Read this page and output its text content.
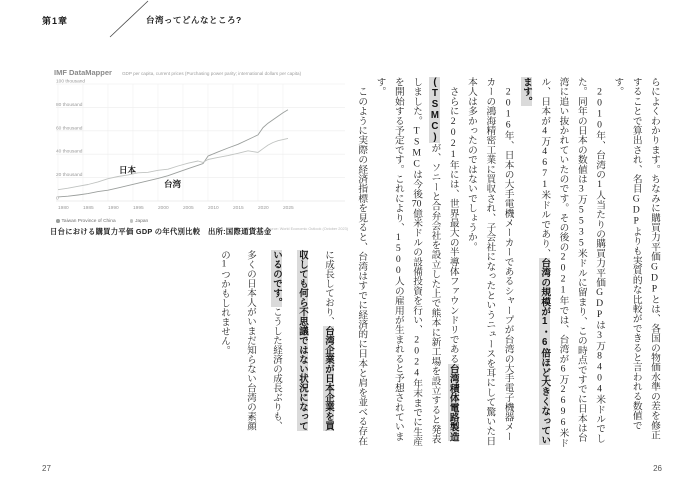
第1章	台湾ってどんなところ?
IMF DataMapper GDP per capita, current prices (Purchasing power parity; international dollars per capita)
1980	1985	1990	1995	2000	2005	2010	2015	2020	2025
0
20 thousand
40 thousand
60 thousand
80 thousand
100 thousand
日本
台湾
Taiwan Province of China	Japan
IMF, 2023, Source: World Economic Outlook (October 2023)
日台における購買力平価 GDP の年代別比較　出所:国際通貨基金

に成長しており、台湾企業が日本企業を買収しても何ら不思議ではない状況になっているのです。こうした経済の成長ぶりも、多くの日本人がいまだ知らない台湾の素顔の1つかもしれません。

27

らによくわかります。ちなみに購買力平価GDPとは、各国の物価水準の差を修正することで算出され、名目GDPよりも実質的な比較ができると言われる数値です。

　2010年、台湾の1人当たりの購買力平価GDPは3万8404米ドルでした。同年の日本の数値は3万5535米ドルに留まり、この時点ですでに日本は台湾に追い抜かれていたのです。その後の2021年では、台湾が6万2696米ドル、日本が4万4671米ドルであり、台湾の規模が1・6倍ほど大きくなっています。

　2016年、日本の大手電機メーカーであるシャープが台湾の大手電子機器メーカーの鴻海精密工業に買収され、子会社になったというニュースを耳にして驚いた日本人は多かったのではないでしょうか。

　さらに2021年には、世界最大の半導体ファウンドリである台湾積体電路製造(TSMC)が、ソニーと合弁会社を設立した上で熊本に新工場を設立すると発表しました。TSMCは今後70億米ドルの設備投資を行い、2024年末までに生産を開始する予定です。これにより、1500人の雇用が生まれると予想されています。

　このように実際の経済指標を見ると、台湾はすでに経済的に日本と肩を並べる存在

26
